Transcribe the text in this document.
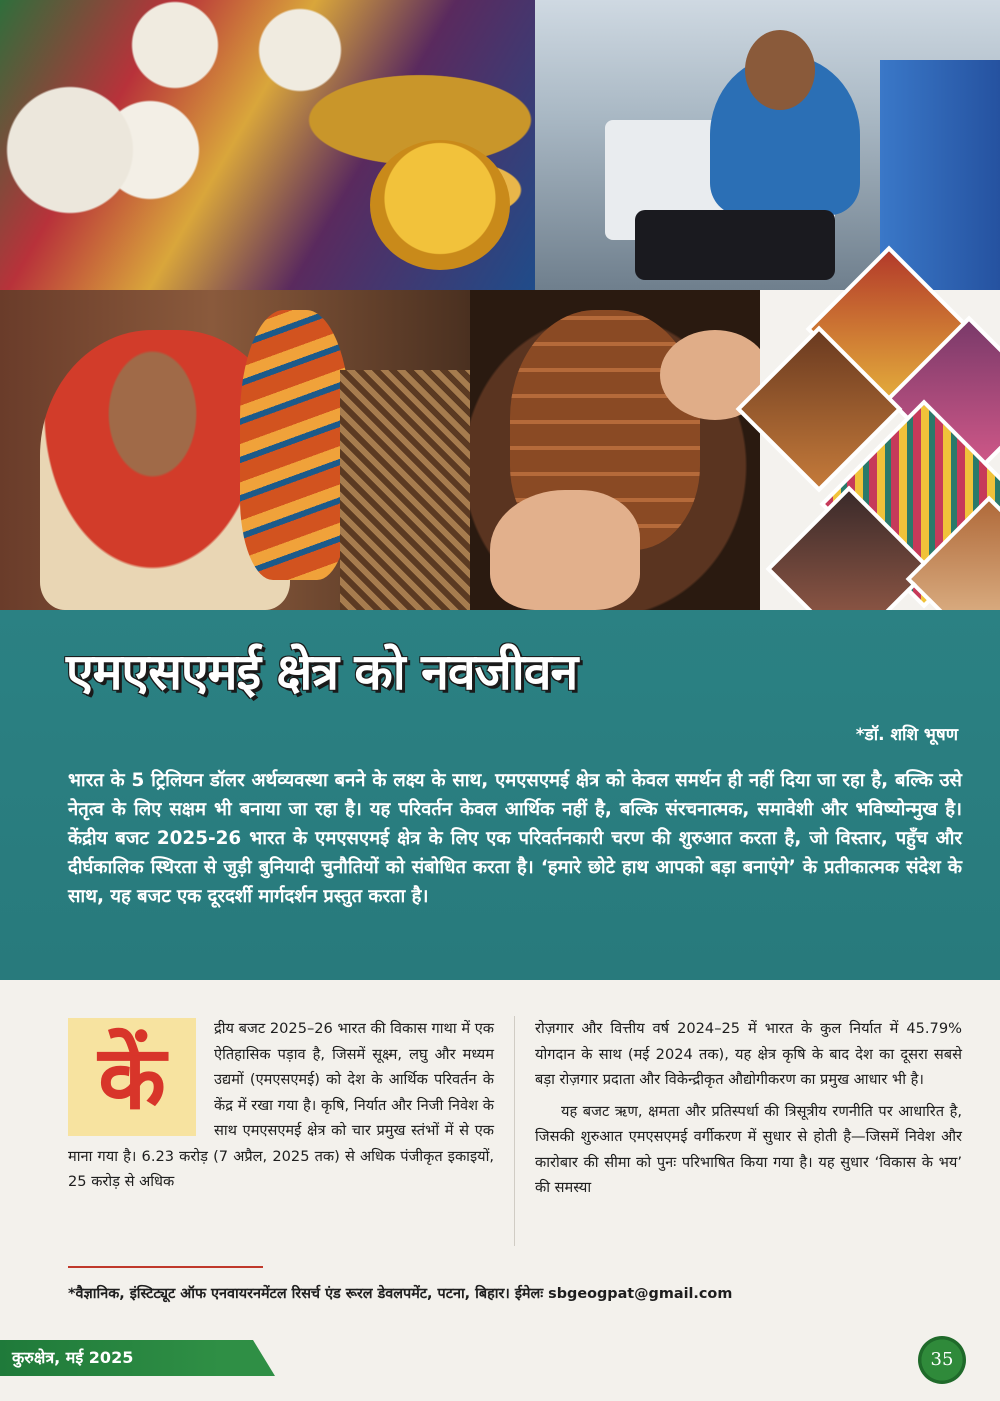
एमएसएमई क्षेत्र को नवजीवन
*डॉ. शशि भूषण

भारत के 5 ट्रिलियन डॉलर अर्थव्यवस्था बनने के लक्ष्य के साथ, एमएसएमई क्षेत्र को केवल समर्थन ही नहीं दिया जा रहा है, बल्कि उसे नेतृत्व के लिए सक्षम भी बनाया जा रहा है। यह परिवर्तन केवल आर्थिक नहीं है, बल्कि संरचनात्मक, समावेशी और भविष्योन्मुख है। केंद्रीय बजट 2025-26 भारत के एमएसएमई क्षेत्र के लिए एक परिवर्तनकारी चरण की शुरुआत करता है, जो विस्तार, पहुँच और दीर्घकालिक स्थिरता से जुड़ी बुनियादी चुनौतियों को संबोधित करता है। ‘हमारे छोटे हाथ आपको बड़ा बनाएंगे’ के प्रतीकात्मक संदेश के साथ, यह बजट एक दूरदर्शी मार्गदर्शन प्रस्तुत करता है।

कें	द्रीय बजट 2025–26 भारत की विकास गाथा में एक ऐतिहासिक पड़ाव है, जिसमें सूक्ष्म, लघु और मध्यम उद्यमों (एमएसएमई) को देश के आर्थिक परिवर्तन के केंद्र में रखा गया है। कृषि, निर्यात और निजी निवेश के साथ एमएसएमई क्षेत्र को चार प्रमुख स्तंभों में से एक माना गया है। 6.23 करोड़ (7 अप्रैल, 2025 तक) से अधिक पंजीकृत इकाइयों, 25 करोड़ से अधिक

रोज़गार और वित्तीय वर्ष 2024–25 में भारत के कुल निर्यात में 45.79% योगदान के साथ (मई 2024 तक), यह क्षेत्र कृषि के बाद देश का दूसरा सबसे बड़ा रोज़गार प्रदाता और विकेन्द्रीकृत औद्योगीकरण का प्रमुख आधार भी है।

यह बजट ऋण, क्षमता और प्रतिस्पर्धा की त्रिसूत्रीय रणनीति पर आधारित है, जिसकी शुरुआत एमएसएमई वर्गीकरण में सुधार से होती है—जिसमें निवेश और कारोबार की सीमा को पुनः परिभाषित किया गया है। यह सुधार ‘विकास के भय’ की समस्या

*वैज्ञानिक, इंस्टिट्यूट ऑफ एनवायरनमेंटल रिसर्च एंड रूरल डेवलपमेंट, पटना, बिहार। ईमेलः sbgeogpat@gmail.com
कुरुक्षेत्र, मई 2025	35
